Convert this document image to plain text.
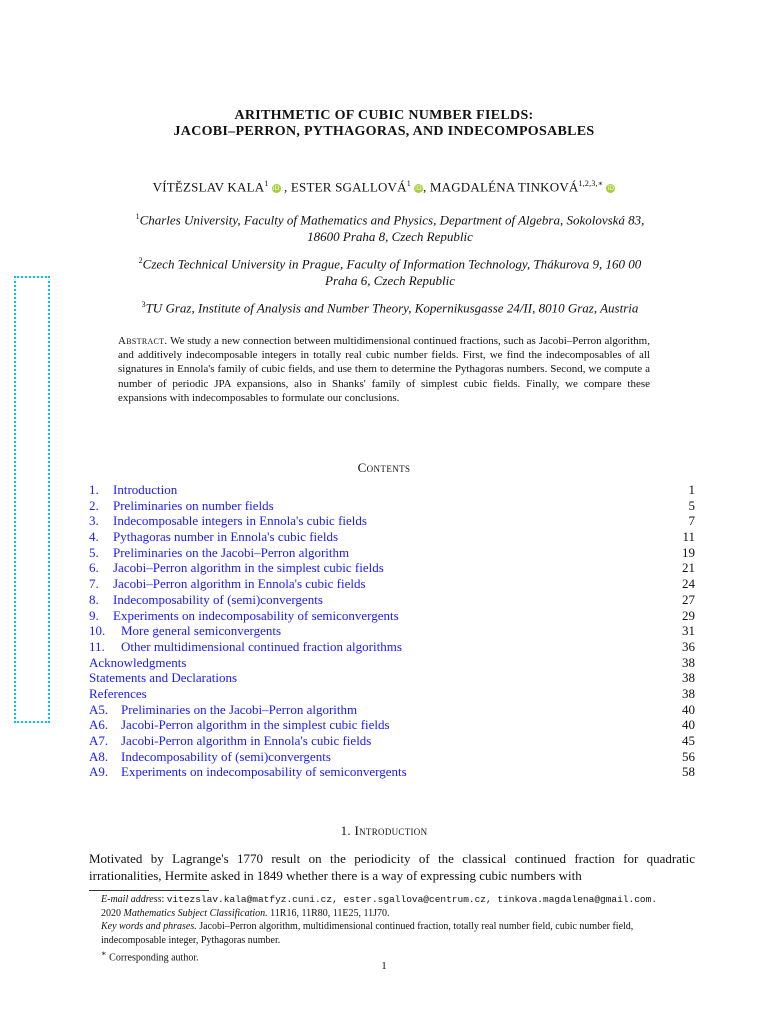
ARITHMETIC OF CUBIC NUMBER FIELDS:
JACOBI–PERRON, PYTHAGORAS, AND INDECOMPOSABLES
VÍTĚZSLAV KALA$^1$iD , ESTER SGALLOVÁ$^1$iD, MAGDALÉNA $TINKOVÁ^{1,2,3,∗}iD$
$^1$Charles University, Faculty of Mathematics and Physics, Department of Algebra, Sokolovská 83,
18600 Praha 8, Czech Republic
$^2$Czech Technical University in Prague, Faculty of Information Technology, Thákurova 9, 160 00
Praha 6, Czech Republic
$^3$TU Graz, Institute of Analysis and Number Theory, Kopernikusgasse 24/II, 8010 Graz, Austria
Abstract. We study a new connection between multidimensional continued fractions, such as Jacobi–Perron algorithm, and additively indecomposable integers in totally real cubic number fields. First, we find the indecomposables of all signatures in Ennola's family of cubic fields, and use them to determine the Pythagoras numbers. Second, we compute a number of periodic JPA expansions, also in Shanks' family of simplest cubic fields. Finally, we compare these expansions with indecomposables to formulate our conclusions.
Contents
1. Introduction	1
2. Preliminaries on number fields	5
3. Indecomposable integers in Ennola's cubic fields	7
4. Pythagoras number in Ennola's cubic fields	11
5. Preliminaries on the Jacobi–Perron algorithm	19
6. Jacobi–Perron algorithm in the simplest cubic fields	21
7. Jacobi–Perron algorithm in Ennola's cubic fields	24
8. Indecomposability of (semi)convergents	27
9. Experiments on indecomposability of semiconvergents	29
10. More general semiconvergents	31
11. Other multidimensional continued fraction algorithms	36
Acknowledgments	38
Statements and Declarations	38
References	38
A5. Preliminaries on the Jacobi–Perron algorithm	40
A6. Jacobi-Perron algorithm in the simplest cubic fields	40
A7. Jacobi-Perron algorithm in Ennola's cubic fields	45
A8. Indecomposability of (semi)convergents	56
A9. Experiments on indecomposability of semiconvergents	58
1. Introduction
Motivated by Lagrange's 1770 result on the periodicity of the classical continued fraction for quadratic irrationalities, Hermite asked in 1849 whether there is a way of expressing cubic numbers with
E-mail address: vitezslav.kala@matfyz.cuni.cz, ester.sgallova@centrum.cz, tinkova.magdalena@gmail.com.
2020 Mathematics Subject Classification. 11R16, 11R80, 11E25, 11J70.
Key words and phrases. Jacobi–Perron algorithm, multidimensional continued fraction, totally real number field, cubic number field, indecomposable integer, Pythagoras number.
∗ Corresponding author.
1
